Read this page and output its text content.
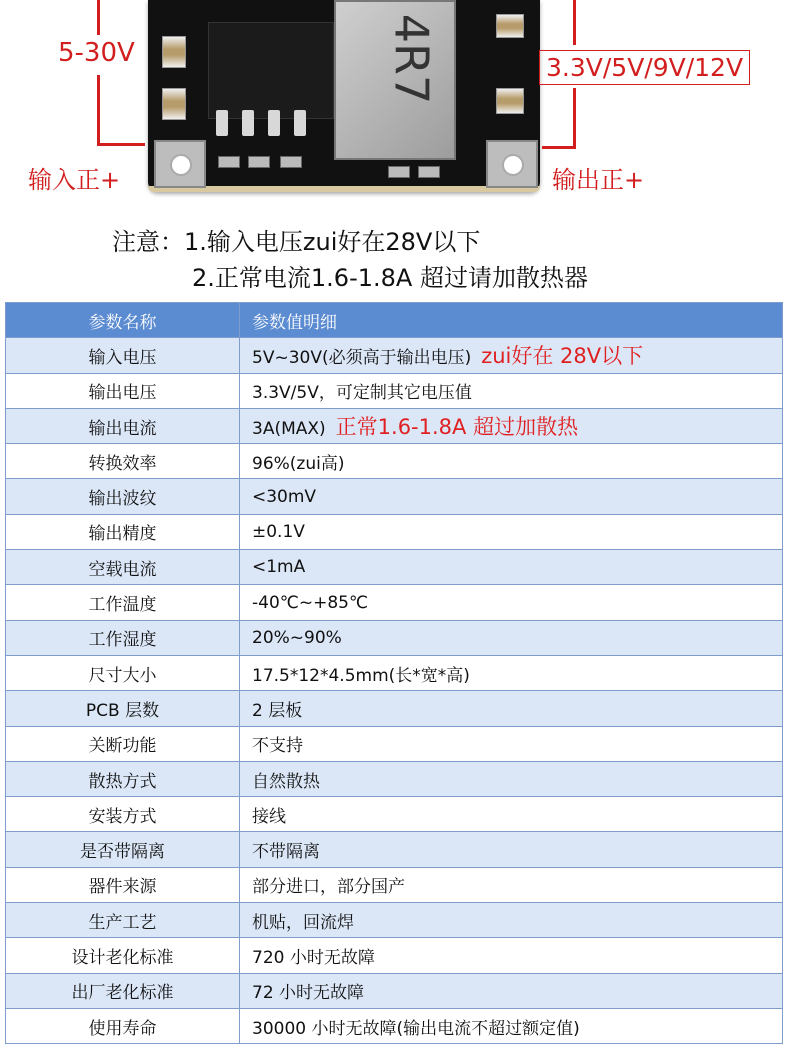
4R7
5-30V
输入正+
3.3V/5V/9V/12V
输出正+
注意：1.输入电压zui好在28V以下
2.正常电流1.6-1.8A 超过请加散热器
参数名称	参数值明细
输入电压	5V~30V(必须高于输出电压) zui好在 28V以下
输出电压	3.3V/5V，可定制其它电压值
输出电流	3A(MAX) 正常1.6-1.8A 超过加散热
转换效率	96%(zui高)
输出波纹	<30mV
输出精度	±0.1V
空载电流	<1mA
工作温度	-40℃~+85℃
工作湿度	20%~90%
尺寸大小	17.5*12*4.5mm(长*宽*高)
PCB 层数	2 层板
关断功能	不支持
散热方式	自然散热
安装方式	接线
是否带隔离	不带隔离
器件来源	部分进口，部分国产
生产工艺	机贴，回流焊
设计老化标准	720 小时无故障
出厂老化标准	72 小时无故障
使用寿命	30000 小时无故障(输出电流不超过额定值)
